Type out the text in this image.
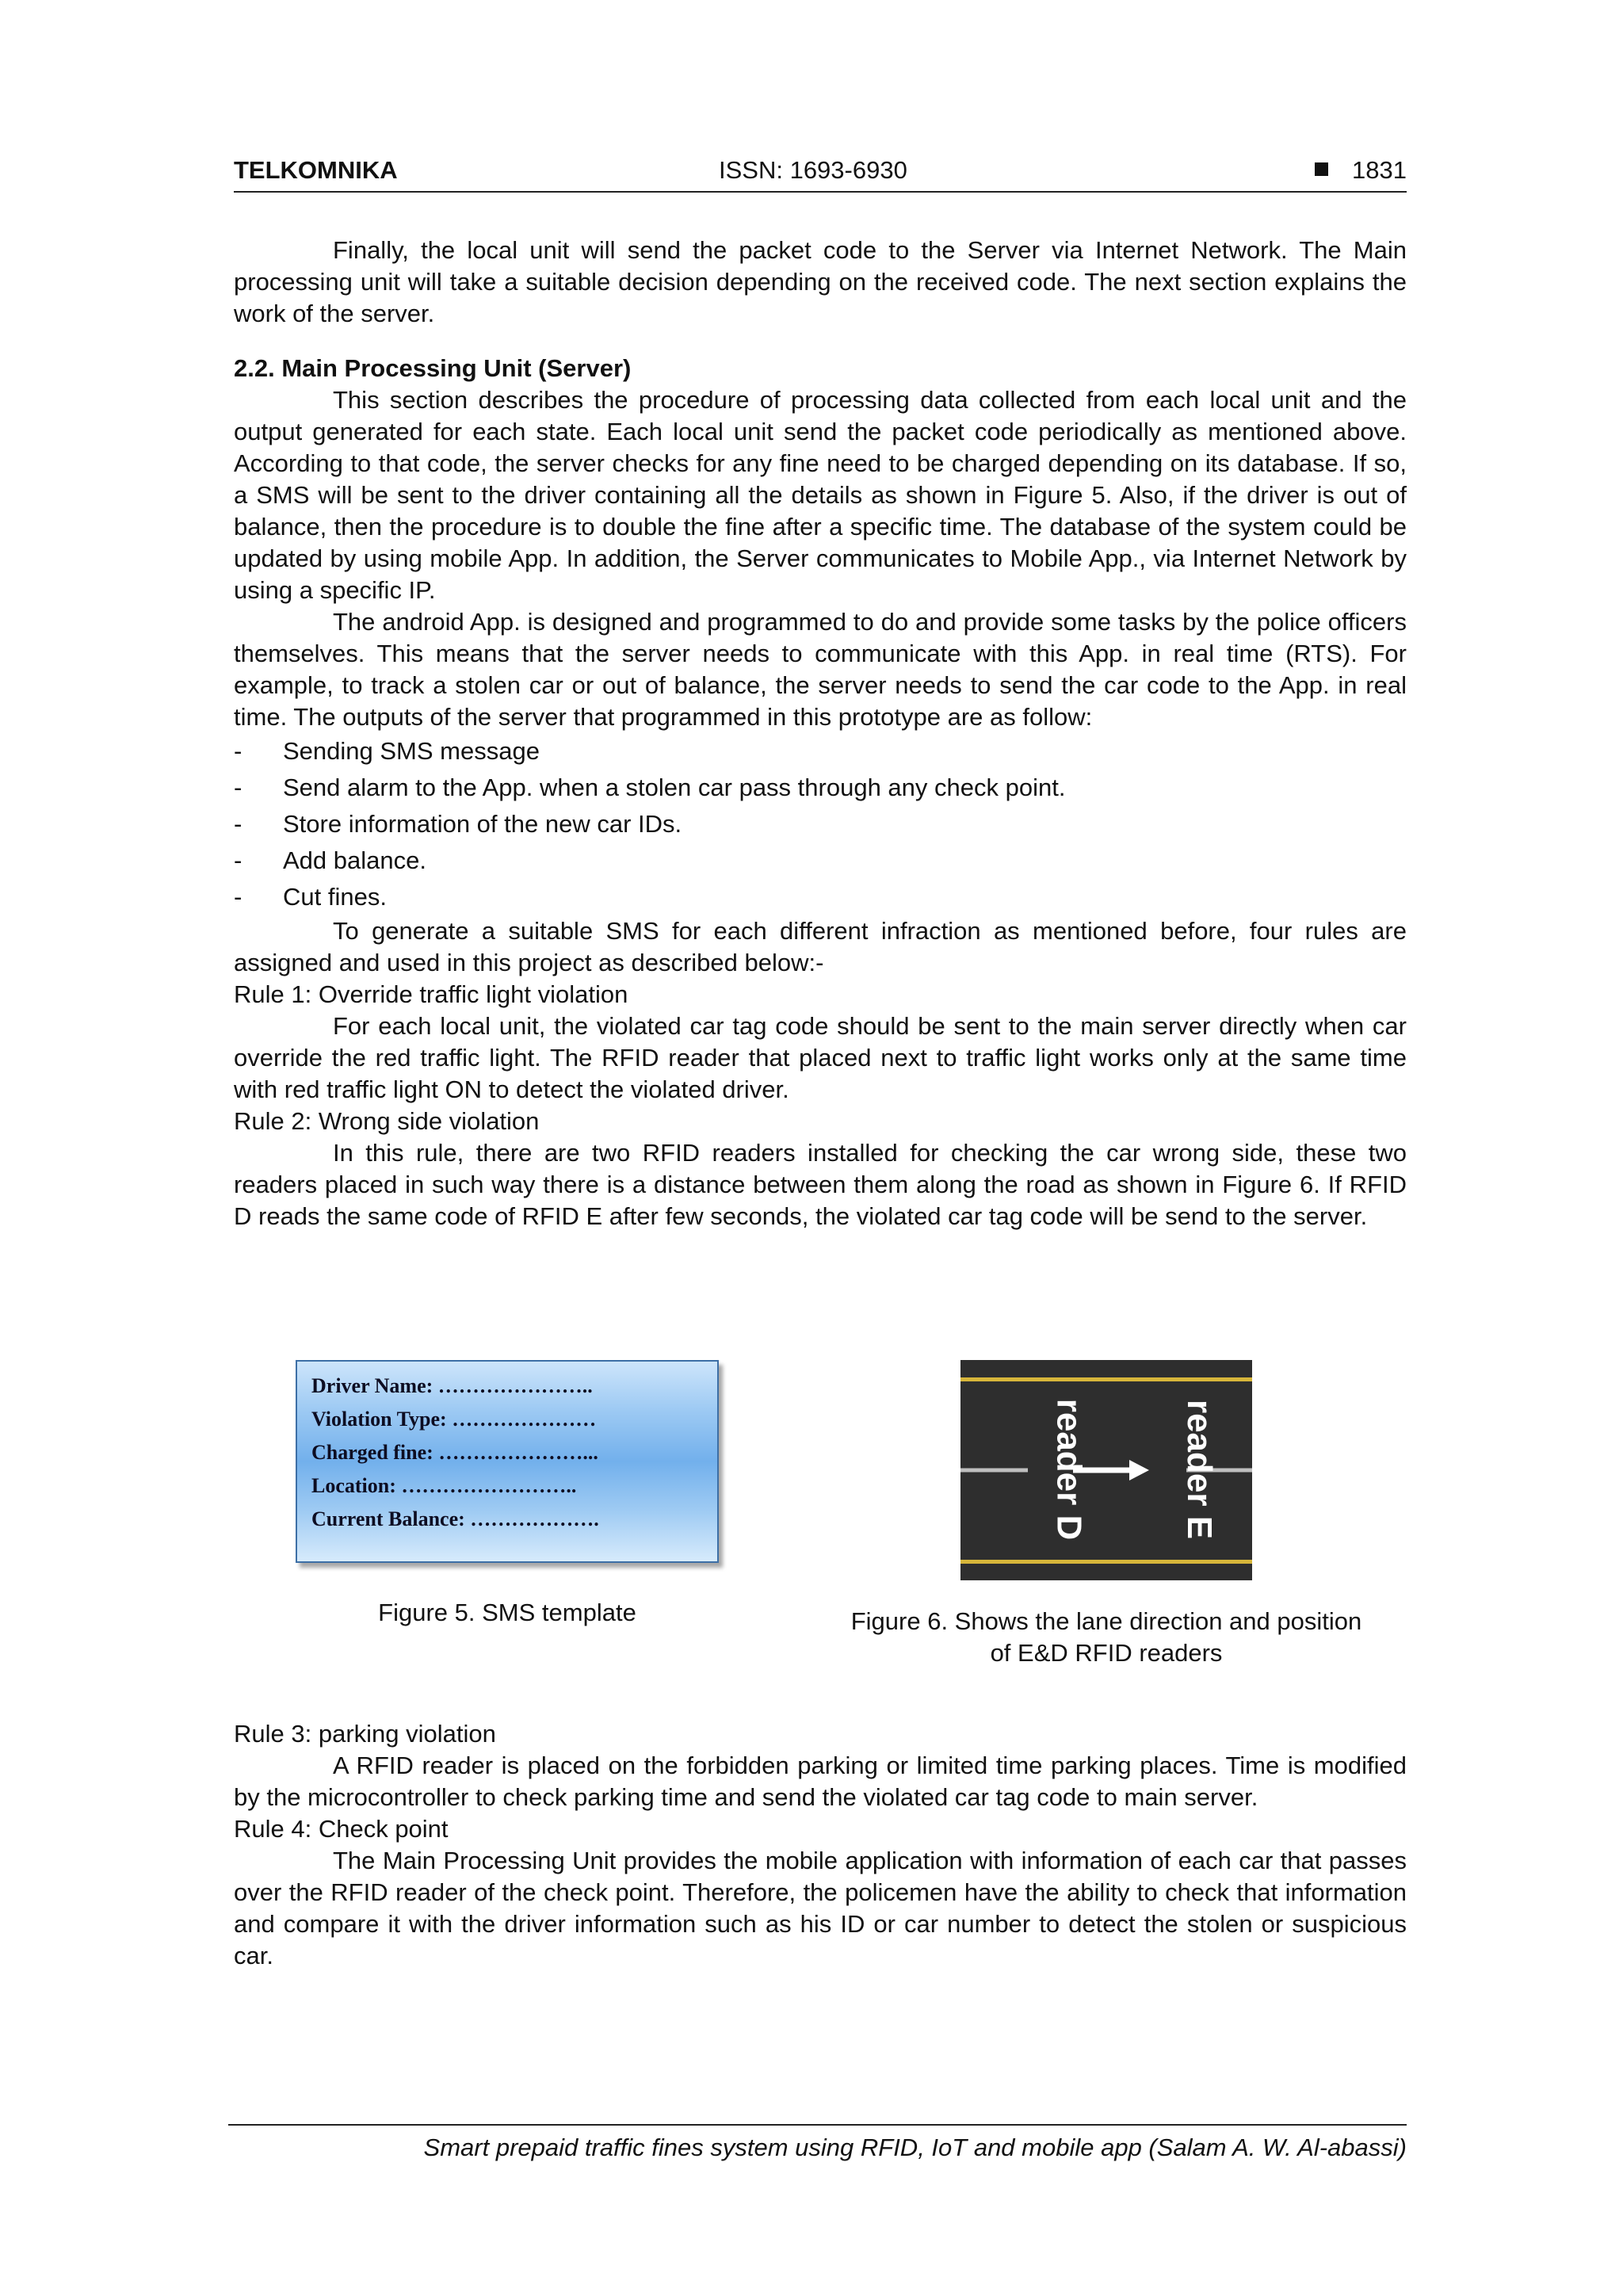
TELKOMNIKA	ISSN: 1693-6930	1831

Finally, the local unit will send the packet code to the Server via Internet Network. The Main processing unit will take a suitable decision depending on the received code. The next section explains the work of the server.

2.2. Main Processing Unit (Server)

This section describes the procedure of processing data collected from each local unit and the output generated for each state. Each local unit send the packet code periodically as mentioned above. According to that code, the server checks for any fine need to be charged depending on its database. If so, a SMS will be sent to the driver containing all the details as shown in Figure 5. Also, if the driver is out of balance, then the procedure is to double the fine after a specific time. The database of the system could be updated by using mobile App. In addition, the Server communicates to Mobile App., via Internet Network by using a specific IP.

The android App. is designed and programmed to do and provide some tasks by the police officers themselves. This means that the server needs to communicate with this App. in real time (RTS). For example, to track a stolen car or out of balance, the server needs to send the car code to the App. in real time. The outputs of the server that programmed in this prototype are as follow:

- Sending SMS message
- Send alarm to the App. when a stolen car pass through any check point.
- Store information of the new car IDs.
- Add balance.
- Cut fines.

To generate a suitable SMS for each different infraction as mentioned before, four rules are assigned and used in this project as described below:-

Rule 1: Override traffic light violation

For each local unit, the violated car tag code should be sent to the main server directly when car override the red traffic light. The RFID reader that placed next to traffic light works only at the same time with red traffic light ON to detect the violated driver.

Rule 2: Wrong side violation

In this rule, there are two RFID readers installed for checking the car wrong side, these two readers placed in such way there is a distance between them along the road as shown in Figure 6. If RFID D reads the same code of RFID E after few seconds, the violated car tag code will be send to the server.

Driver Name: …………………..
Violation Type: …………………
Charged fine: …………………...
Location: ……………………..
Current Balance: ……………….
Figure 5. SMS template
reader D	reader E
Figure 6. Shows the lane direction and position
of E&D RFID readers

Rule 3: parking violation

A RFID reader is placed on the forbidden parking or limited time parking places. Time is modified by the microcontroller to check parking time and send the violated car tag code to main server.

Rule 4: Check point

The Main Processing Unit provides the mobile application with information of each car that passes over the RFID reader of the check point. Therefore, the policemen have the ability to check that information and compare it with the driver information such as his ID or car number to detect the stolen or suspicious car.

Smart prepaid traffic fines system using RFID, IoT and mobile app (Salam A. W. Al-abassi)
